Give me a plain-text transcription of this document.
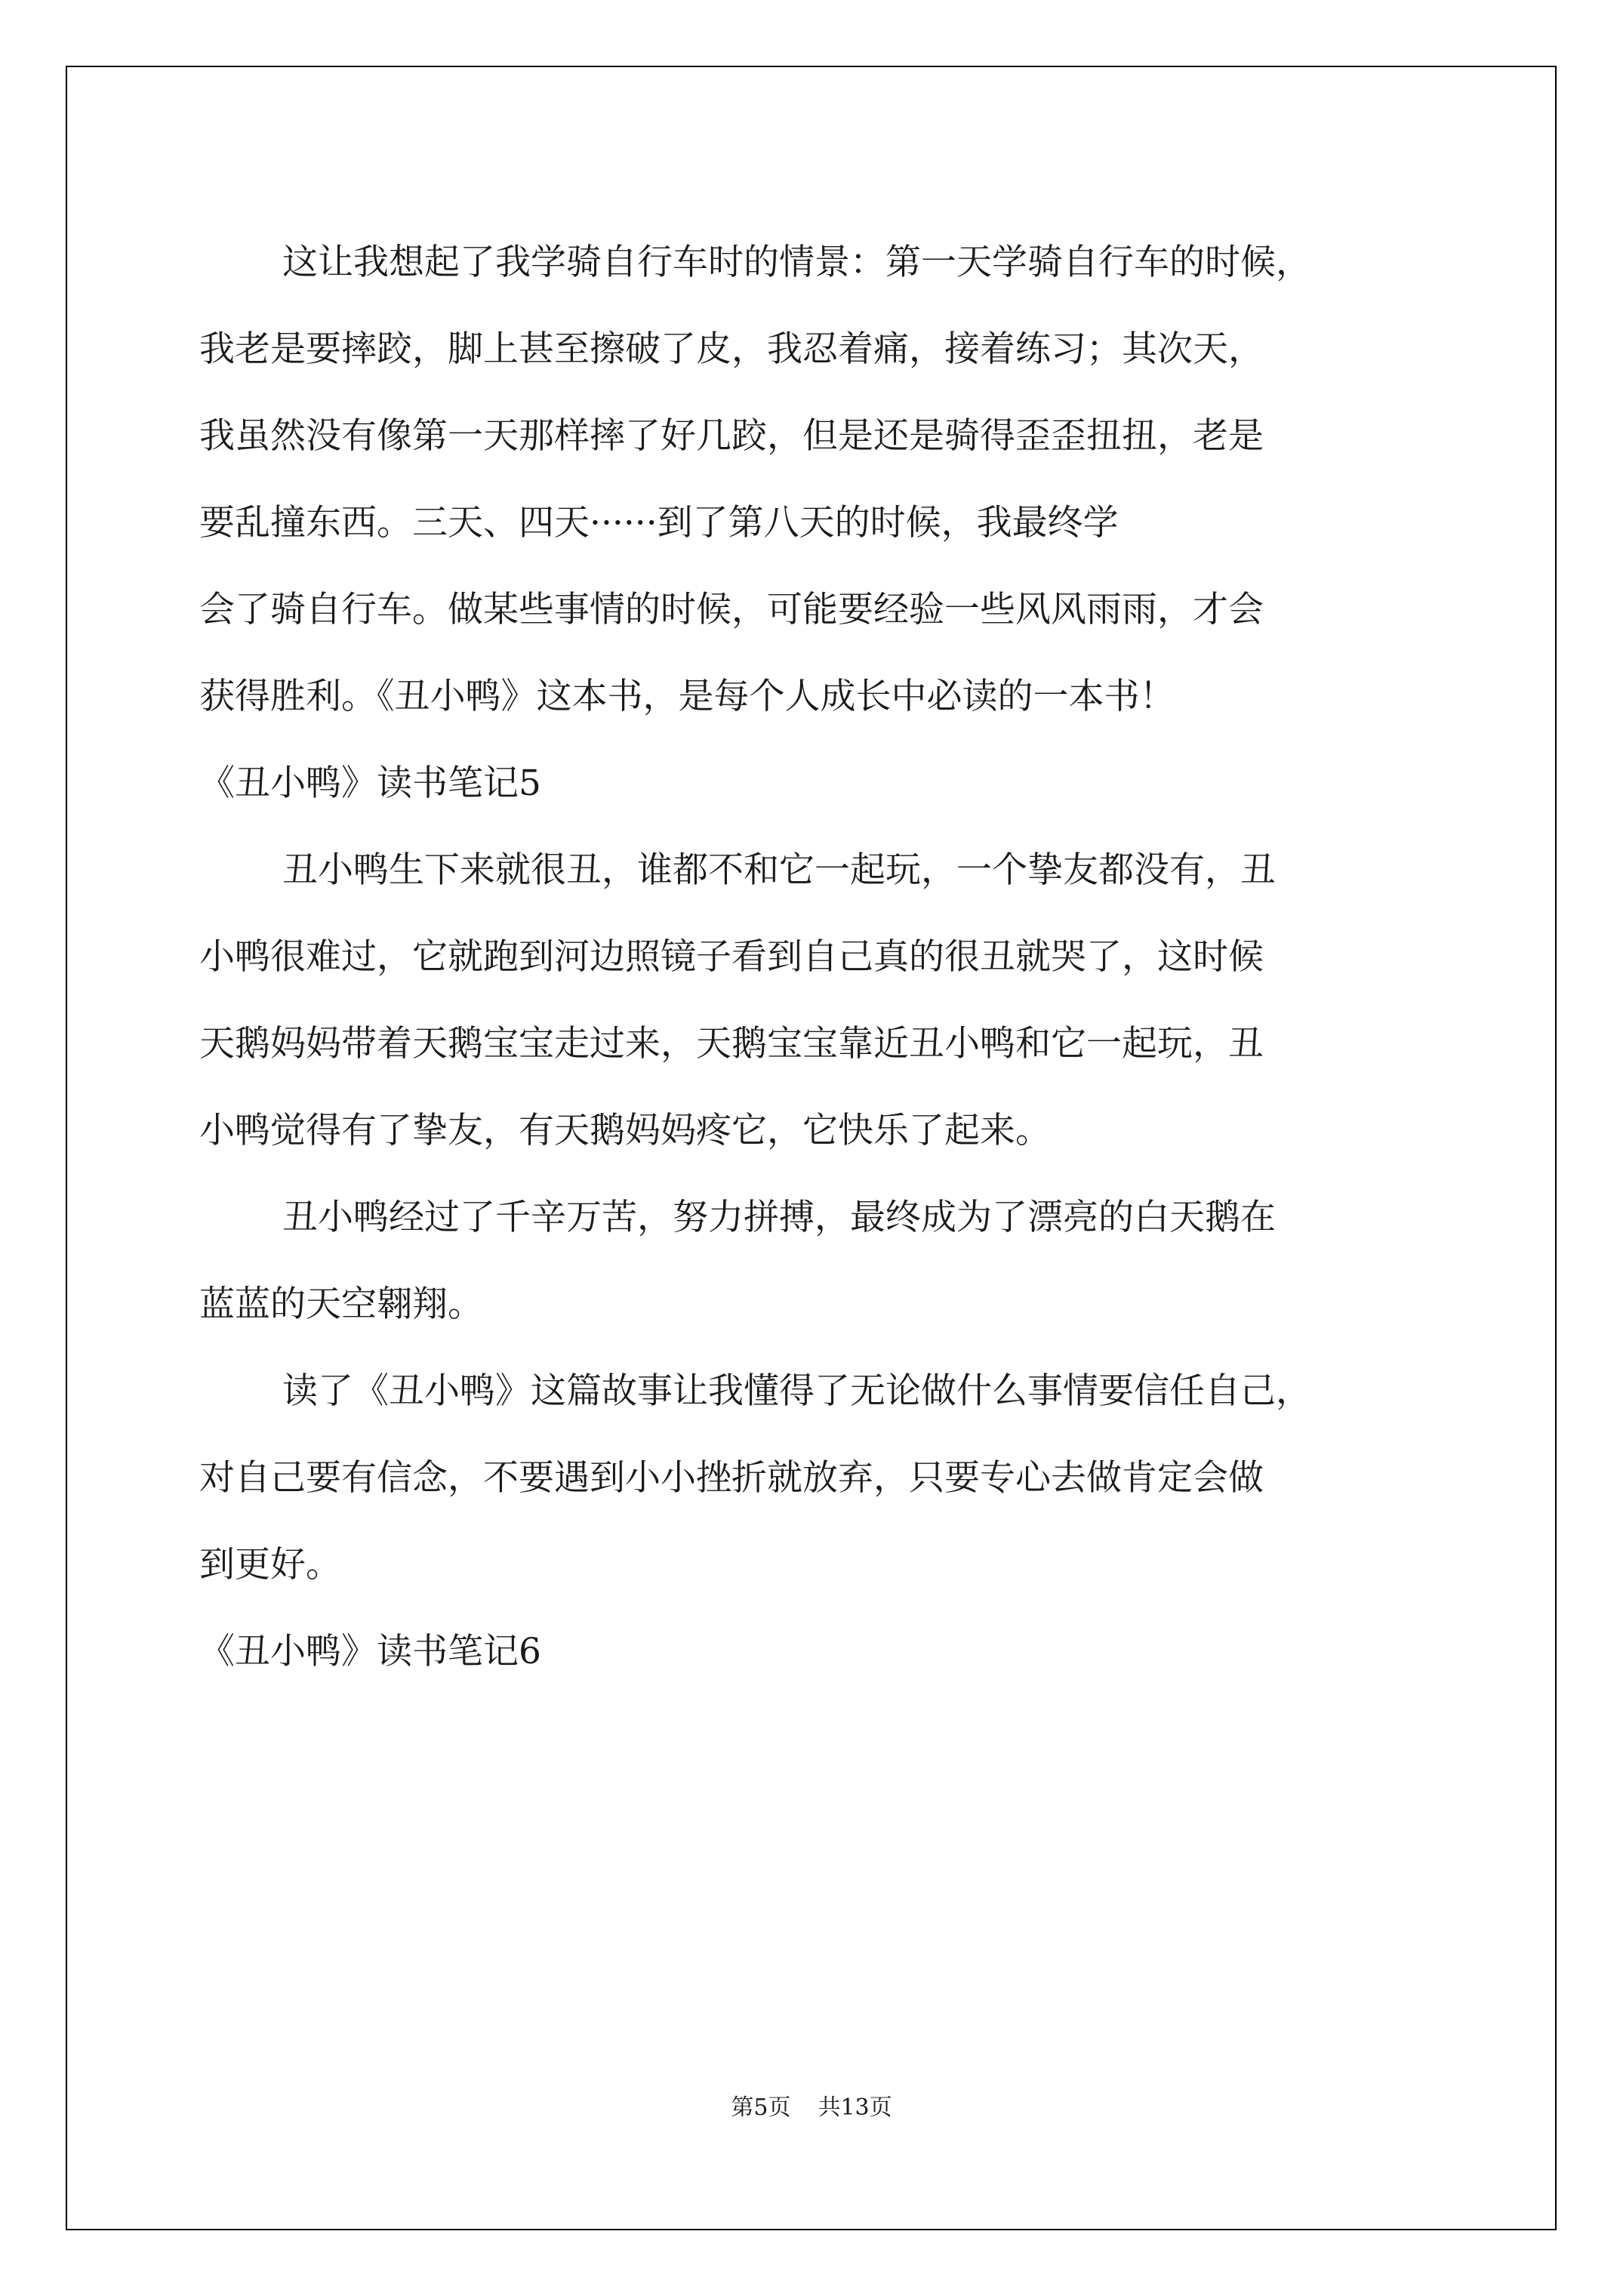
这让我想起了我学骑自行车时的情景：第一天学骑自行车的时候，
我老是要摔跤，脚上甚至擦破了皮，我忍着痛，接着练习；其次天，
我虽然没有像第一天那样摔了好几跤，但是还是骑得歪歪扭扭，老是
要乱撞东西。三天、四天······到了第八天的时候，我最终学
会了骑自行车。做某些事情的时候，可能要经验一些风风雨雨，才会
获得胜利。《丑小鸭》这本书，是每个人成长中必读的一本书！
《丑小鸭》读书笔记5
丑小鸭生下来就很丑，谁都不和它一起玩，一个挚友都没有，丑
小鸭很难过，它就跑到河边照镜子看到自己真的很丑就哭了，这时候
天鹅妈妈带着天鹅宝宝走过来，天鹅宝宝靠近丑小鸭和它一起玩，丑
小鸭觉得有了挚友，有天鹅妈妈疼它，它快乐了起来。
丑小鸭经过了千辛万苦，努力拼搏，最终成为了漂亮的白天鹅在
蓝蓝的天空翱翔。
读了《丑小鸭》这篇故事让我懂得了无论做什么事情要信任自己，
对自己要有信念，不要遇到小小挫折就放弃，只要专心去做肯定会做
到更好。
《丑小鸭》读书笔记6
第5页 共13页
